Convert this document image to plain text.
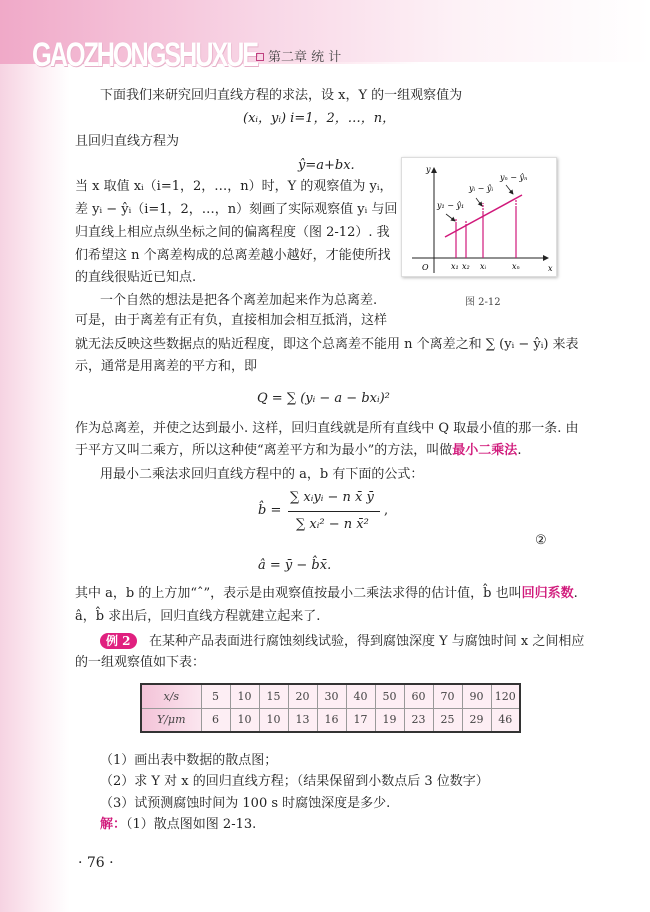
GAOZHONGSHUXUE 第二章 统 计
下面我们来研究回归直线方程的求法，设 x，Y 的一组观察值为
(xᵢ，yᵢ) i=1，2，…，n，
且回归直线方程为
ŷ=a+bx.
当 x 取值 xᵢ（i=1，2，…，n）时，Y 的观察值为 yᵢ，
差 yᵢ − ŷᵢ（i=1，2，…，n）刻画了实际观察值 yᵢ 与回
归直线上相应点纵坐标之间的偏离程度（图 2-12）. 我
们希望这 n 个离差构成的总离差越小越好，才能使所找
的直线很贴近已知点.
一个自然的想法是把各个离差加起来作为总离差.
可是，由于离差有正有负，直接相加会相互抵消，这样
就无法反映这些数据点的贴近程度，即这个总离差不能用 n 个离差之和 ∑ (yᵢ − ŷᵢ) 来表
示，通常是用离差的平方和，即
Q = ∑ (yᵢ − a − bxᵢ)²
作为总离差，并使之达到最小. 这样，回归直线就是所有直线中 Q 取最小值的那一条. 由
于平方又叫二乘方，所以这种使“离差平方和为最小”的方法，叫做最小二乘法.
用最小二乘法求回归直线方程中的 a，b 有下面的公式：
b̂ =
∑ xᵢyᵢ − n x̄ ȳ
∑ xᵢ² − n x̄²
,
②
â = ȳ − b̂x̄.
其中 a，b 的上方加“ˆ”，表示是由观察值按最小二乘法求得的估计值，b̂ 也叫回归系数.
â，b̂ 求出后，回归直线方程就建立起来了.
例 2 在某种产品表面进行腐蚀刻线试验，得到腐蚀深度 Y 与腐蚀时间 x 之间相应
的一组观察值如下表：
x/s	5	10	15	20	30	40	50	60	70	90	120
Y/μm	6	10	10	13	16	17	19	23	25	29	46
（1）画出表中数据的散点图；
（2）求 Y 对 x 的回归直线方程；（结果保留到小数点后 3 位数字）
（3）试预测腐蚀时间为 100 s 时腐蚀深度是多少.
解：（1）散点图如图 2-13.
O
y
x
x₁ x₂ xᵢ	xₙ
y₁ − ŷ₁
yᵢ − ŷᵢ
yₙ − ŷₙ
图 2-12
· 76 ·
